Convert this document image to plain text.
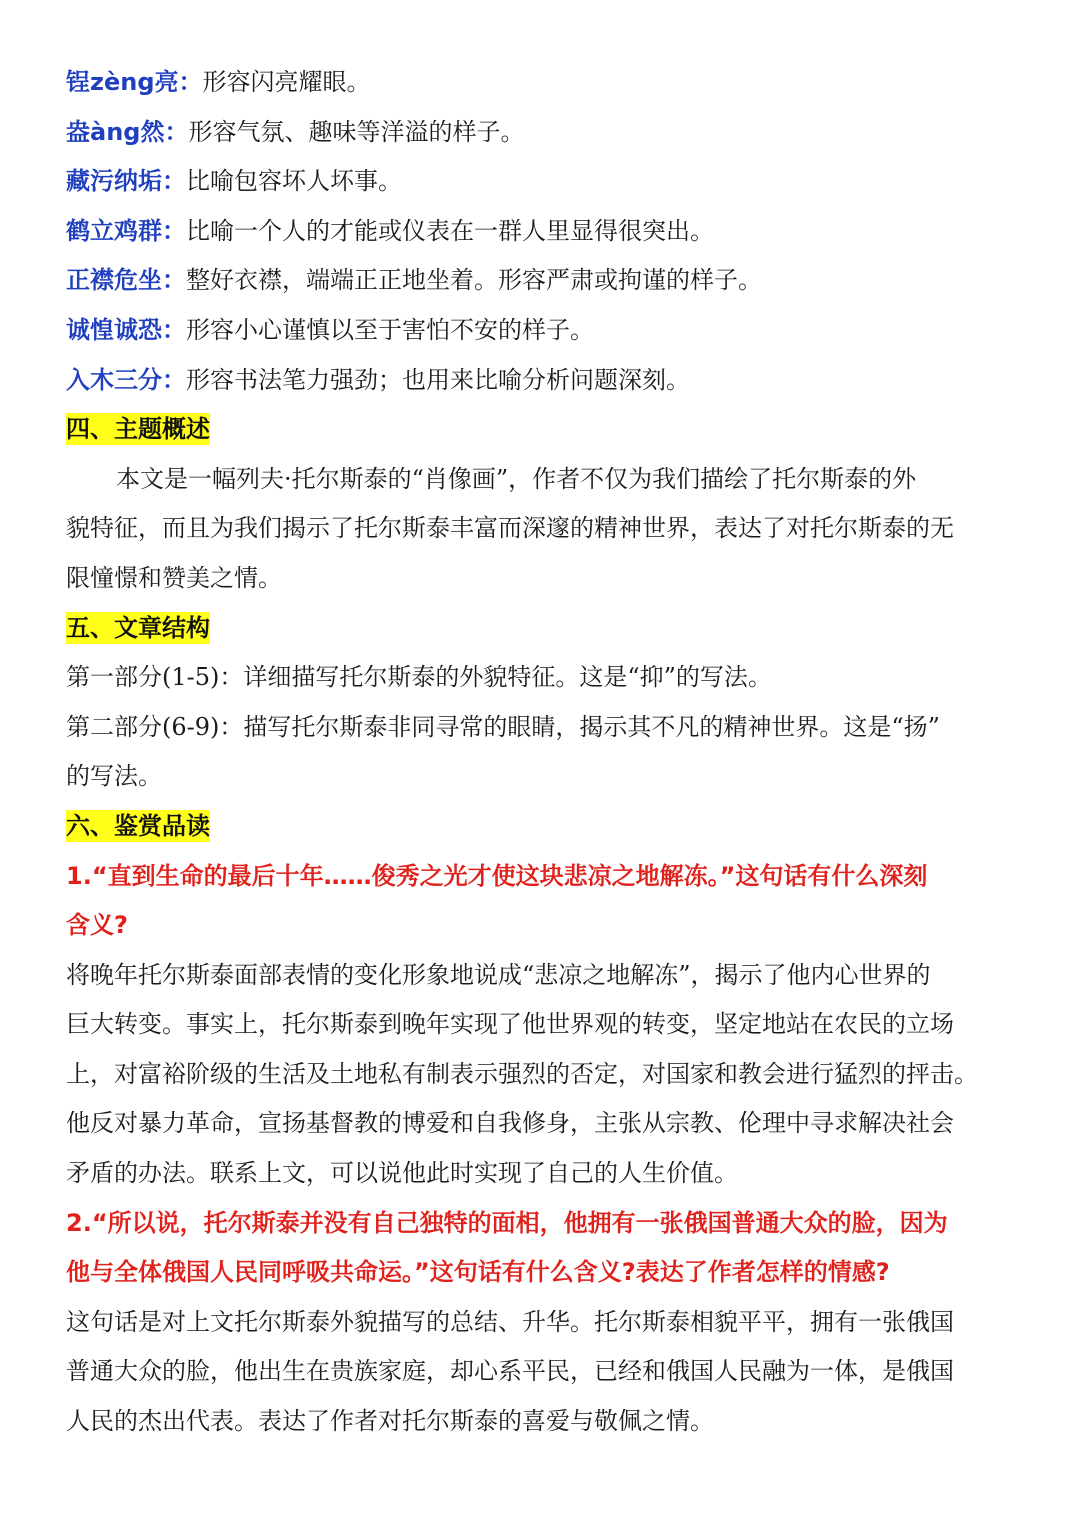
锃zèng亮：形容闪亮耀眼。
盎àng然：形容气氛、趣味等洋溢的样子。
藏污纳垢：比喻包容坏人坏事。
鹤立鸡群：比喻一个人的才能或仪表在一群人里显得很突出。
正襟危坐：整好衣襟，端端正正地坐着。形容严肃或拘谨的样子。
诚惶诚恐：形容小心谨慎以至于害怕不安的样子。
入木三分：形容书法笔力强劲；也用来比喻分析问题深刻。
四、主题概述
本文是一幅列夫·托尔斯泰的“肖像画”，作者不仅为我们描绘了托尔斯泰的外
貌特征，而且为我们揭示了托尔斯泰丰富而深邃的精神世界，表达了对托尔斯泰的无
限憧憬和赞美之情。
五、文章结构
第一部分(1-5)：详细描写托尔斯泰的外貌特征。这是“抑”的写法。
第二部分(6-9)：描写托尔斯泰非同寻常的眼睛，揭示其不凡的精神世界。这是“扬”
的写法。
六、鉴赏品读
1.“直到生命的最后十年……俊秀之光才使这块悲凉之地解冻。”这句话有什么深刻
含义?
将晚年托尔斯泰面部表情的变化形象地说成“悲凉之地解冻”，揭示了他内心世界的
巨大转变。事实上，托尔斯泰到晚年实现了他世界观的转变，坚定地站在农民的立场
上，对富裕阶级的生活及土地私有制表示强烈的否定，对国家和教会进行猛烈的抨击。
他反对暴力革命，宣扬基督教的博爱和自我修身，主张从宗教、伦理中寻求解决社会
矛盾的办法。联系上文，可以说他此时实现了自己的人生价值。
2.“所以说，托尔斯泰并没有自己独特的面相，他拥有一张俄国普通大众的脸，因为
他与全体俄国人民同呼吸共命运。”这句话有什么含义?表达了作者怎样的情感?
这句话是对上文托尔斯泰外貌描写的总结、升华。托尔斯泰相貌平平，拥有一张俄国
普通大众的脸，他出生在贵族家庭，却心系平民，已经和俄国人民融为一体，是俄国
人民的杰出代表。表达了作者对托尔斯泰的喜爱与敬佩之情。
